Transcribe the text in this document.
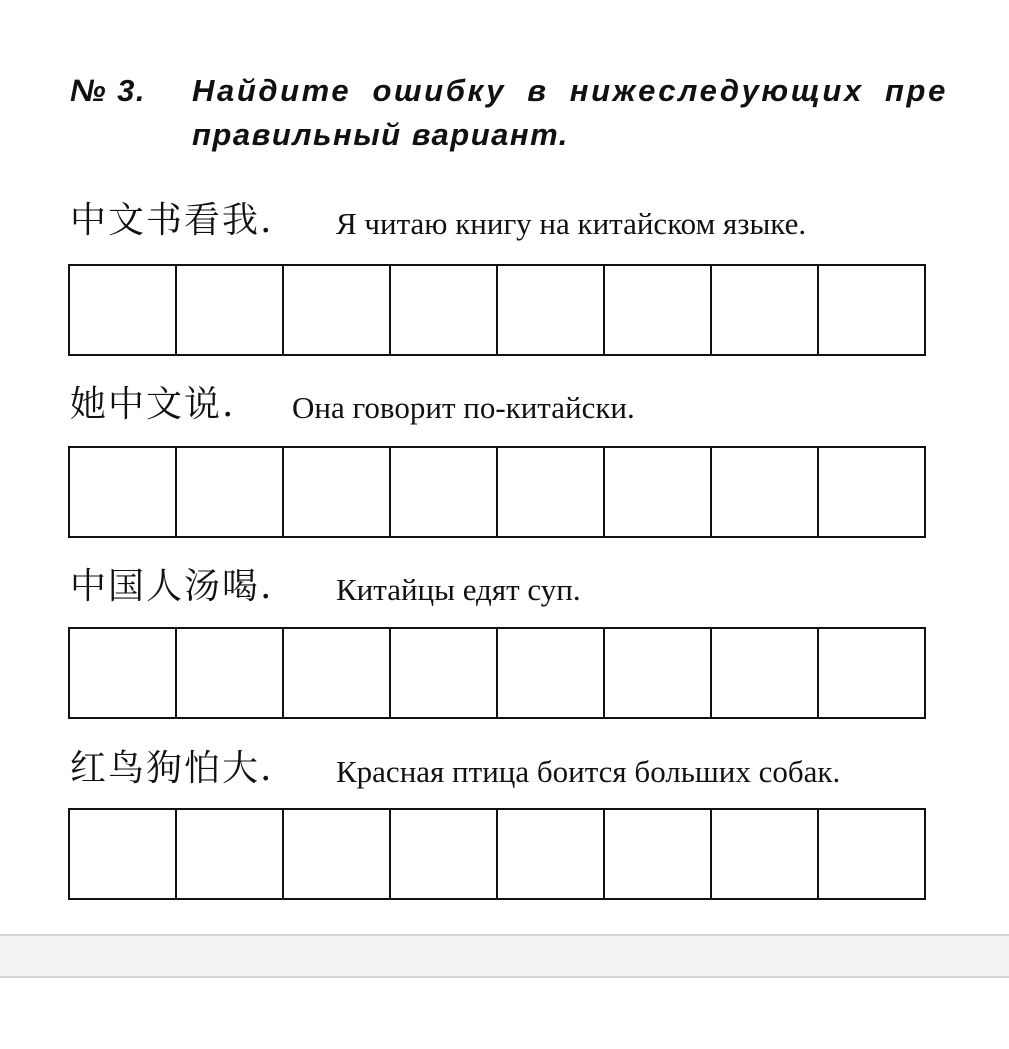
№ 3. Найдите ошибку в нижеследующих пре
правильный вариант.
中文书看我. Я читаю книгу на китайском языке.
她中文说. Она говорит по-китайски.
中国人汤喝. Китайцы едят суп.
红鸟狗怕大. Красная птица боится больших собак.
